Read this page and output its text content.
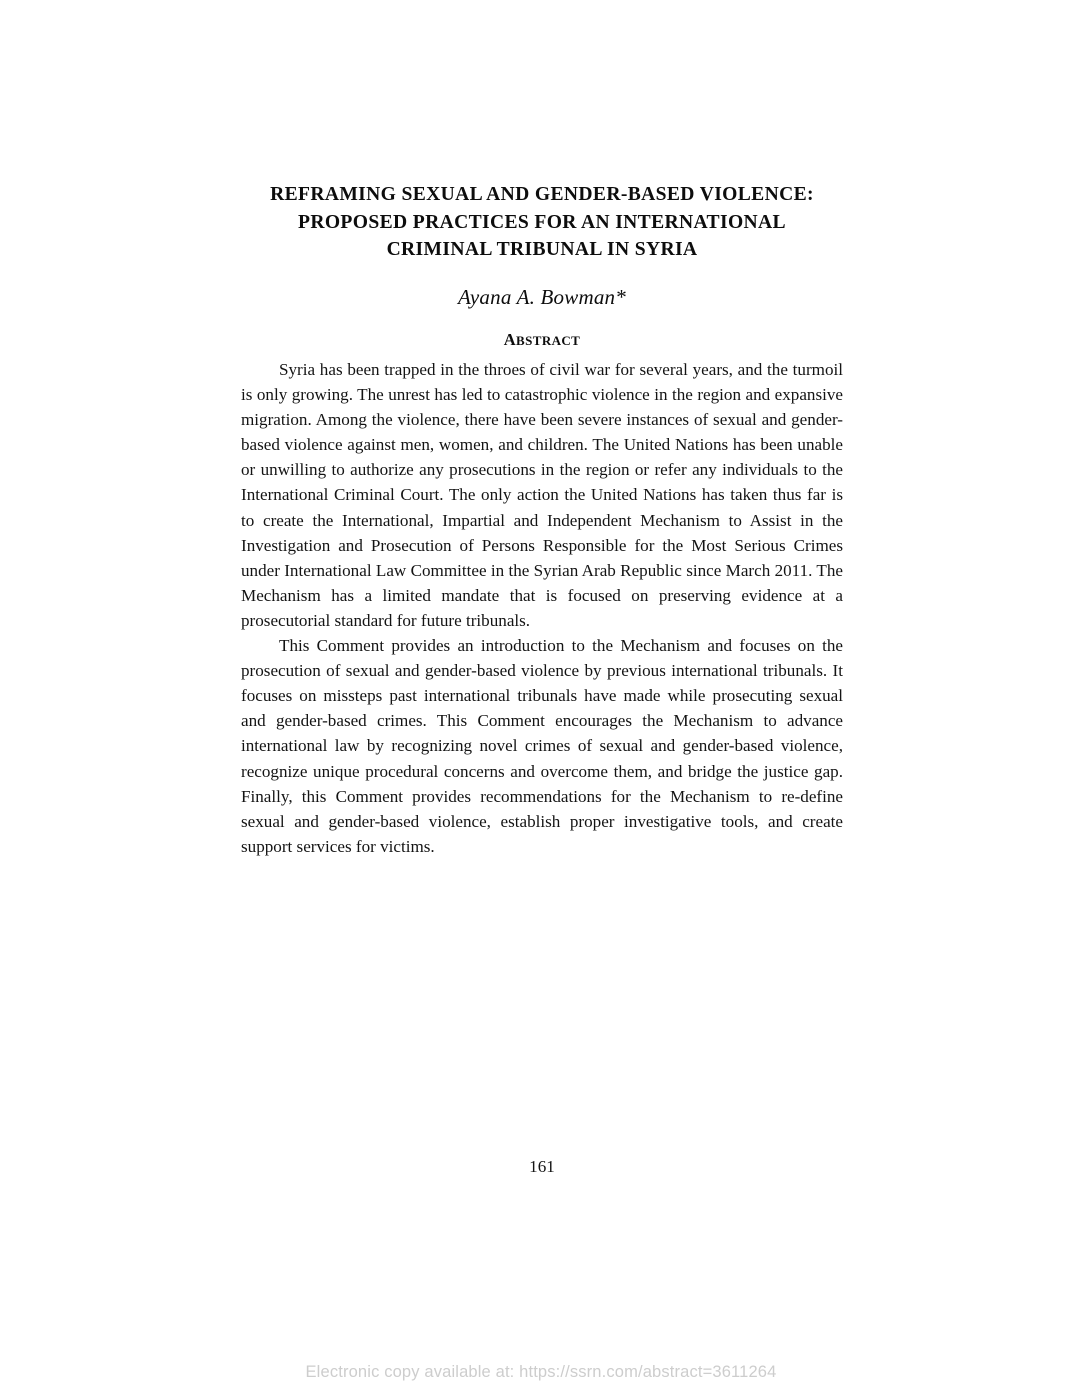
REFRAMING SEXUAL AND GENDER-BASED VIOLENCE:
PROPOSED PRACTICES FOR AN INTERNATIONAL
CRIMINAL TRIBUNAL IN SYRIA
Ayana A. Bowman*
ABSTRACT

Syria has been trapped in the throes of civil war for several years, and the turmoil is only growing. The unrest has led to catastrophic violence in the region and expansive migration. Among the violence, there have been severe instances of sexual and gender-based violence against men, women, and children. The United Nations has been unable or unwilling to authorize any prosecutions in the region or refer any individuals to the International Criminal Court. The only action the United Nations has taken thus far is to create the International, Impartial and Independent Mechanism to Assist in the Investigation and Prosecution of Persons Responsible for the Most Serious Crimes under International Law Committee in the Syrian Arab Republic since March 2011. The Mechanism has a limited mandate that is focused on preserving evidence at a prosecutorial standard for future tribunals.

This Comment provides an introduction to the Mechanism and focuses on the prosecution of sexual and gender-based violence by previous international tribunals. It focuses on missteps past international tribunals have made while prosecuting sexual and gender-based crimes. This Comment encourages the Mechanism to advance international law by recognizing novel crimes of sexual and gender-based violence, recognize unique procedural concerns and overcome them, and bridge the justice gap. Finally, this Comment provides recommendations for the Mechanism to re-define sexual and gender-based violence, establish proper investigative tools, and create support services for victims.

161
Electronic copy available at: https://ssrn.com/abstract=3611264
